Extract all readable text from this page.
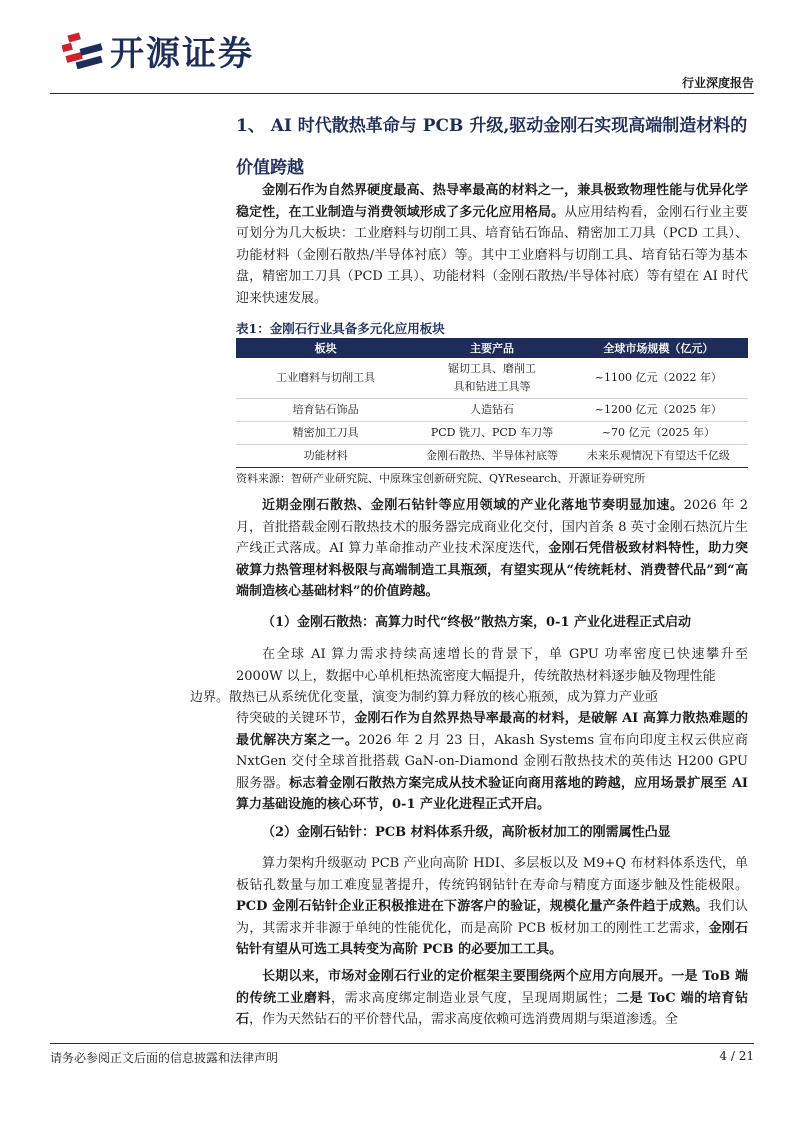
开源证券
行业深度报告
1、 AI 时代散热革命与 PCB 升级,驱动金刚石实现高端制造材料的价值跨越
金刚石作为自然界硬度最高、热导率最高的材料之一，兼具极致物理性能与优异化学稳定性，在工业制造与消费领域形成了多元化应用格局。从应用结构看，金刚石行业主要可划分为几大板块：工业磨料与切削工具、培育钻石饰品、精密加工刀具（PCD 工具）、功能材料（金刚石散热/半导体衬底）等。其中工业磨料与切削工具、培育钻石等为基本盘，精密加工刀具（PCD 工具）、功能材料（金刚石散热/半导体衬底）等有望在 AI 时代迎来快速发展。
表1：金刚石行业具备多元化应用板块
板块	主要产品	全球市场规模（亿元）
工业磨料与切削工具	锯切工具、磨削工具和钻进工具等	~1100 亿元（2022 年）
培育钻石饰品	人造钻石	~1200 亿元（2025 年）
精密加工刀具	PCD 铣刀、PCD 车刀等	~70 亿元（2025 年）
功能材料	金刚石散热、半导体衬底等	未来乐观情况下有望达千亿级
资料来源：智研产业研究院、中原珠宝创新研究院、QYResearch、开源证券研究所
近期金刚石散热、金刚石钻针等应用领域的产业化落地节奏明显加速。2026 年 2 月，首批搭载金刚石散热技术的服务器完成商业化交付，国内首条 8 英寸金刚石热沉片生产线正式落成。AI 算力革命推动产业技术深度迭代，金刚石凭借极致材料特性，助力突破算力热管理材料极限与高端制造工具瓶颈，有望实现从“传统耗材、消费替代品”到“高端制造核心基础材料”的价值跨越。
（1）金刚石散热：高算力时代“终极”散热方案，0-1 产业化进程正式启动
在全球 AI 算力需求持续高速增长的背景下，单 GPU 功率密度已快速攀升至 2000W 以上，数据中心单机柜热流密度大幅提升，传统散热材料逐步触及物理性能
边界。散热已从系统优化变量，演变为制约算力释放的核心瓶颈，成为算力产业亟
待突破的关键环节，金刚石作为自然界热导率最高的材料，是破解 AI 高算力散热难题的最优解决方案之一。2026 年 2 月 23 日，Akash Systems 宣布向印度主权云供应商 NxtGen 交付全球首批搭载 GaN-on-Diamond 金刚石散热技术的英伟达 H200 GPU 服务器。标志着金刚石散热方案完成从技术验证向商用落地的跨越，应用场景扩展至 AI 算力基础设施的核心环节，0-1 产业化进程正式开启。
（2）金刚石钻针：PCB 材料体系升级，高阶板材加工的刚需属性凸显
算力架构升级驱动 PCB 产业向高阶 HDI、多层板以及 M9+Q 布材料体系迭代，单板钻孔数量与加工难度显著提升，传统钨钢钻针在寿命与精度方面逐步触及性能极限。PCD 金刚石钻针企业正积极推进在下游客户的验证，规模化量产条件趋于成熟。我们认为，其需求并非源于单纯的性能优化，而是高阶 PCB 板材加工的刚性工艺需求，金刚石钻针有望从可选工具转变为高阶 PCB 的必要加工工具。
长期以来，市场对金刚石行业的定价框架主要围绕两个应用方向展开。一是 ToB 端的传统工业磨料，需求高度绑定制造业景气度，呈现周期属性；二是 ToC 端的培育钻石，作为天然钻石的平价替代品，需求高度依赖可选消费周期与渠道渗透。全
请务必参阅正文后面的信息披露和法律声明	4 / 21
